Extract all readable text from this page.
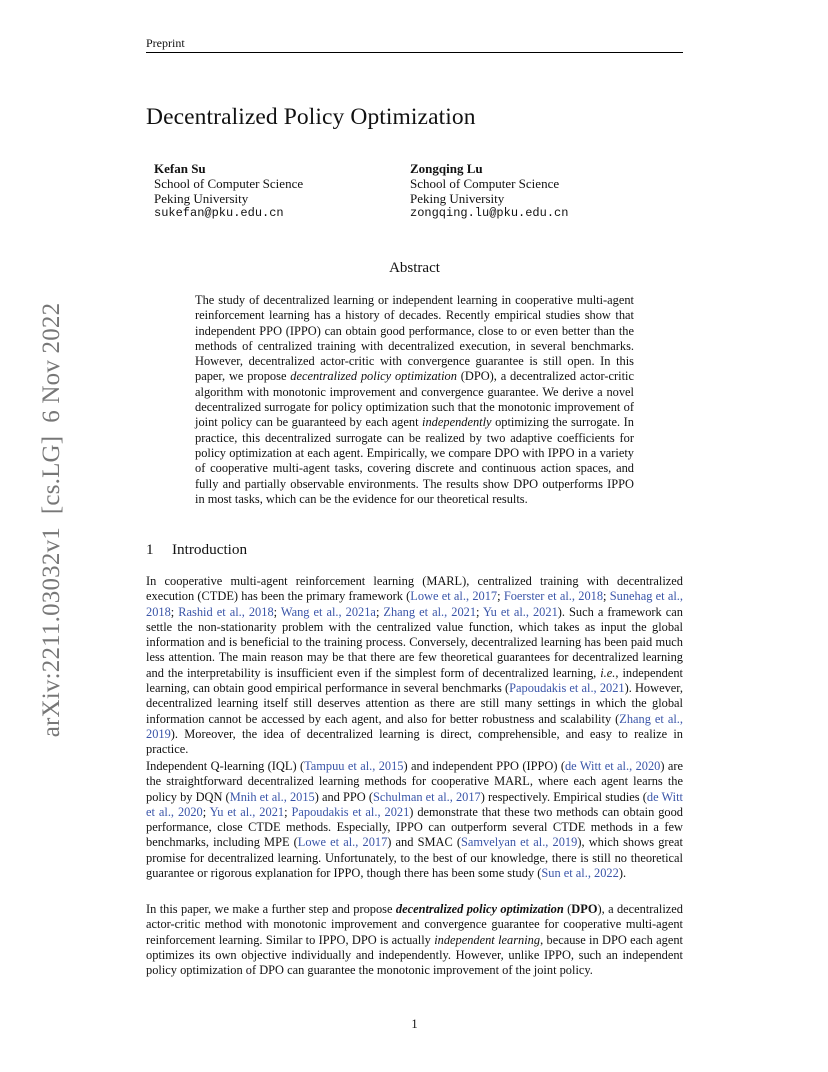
Preprint
Decentralized Policy Optimization
Kefan Su
School of Computer Science
Peking University
sukefan@pku.edu.cn
Zongqing Lu
School of Computer Science
Peking University
zongqing.lu@pku.edu.cn
arXiv:2211.03032v1  [cs.LG]  6 Nov 2022
Abstract
The study of decentralized learning or independent learning in cooperative multi-agent reinforcement learning has a history of decades. Recently empirical studies show that independent PPO (IPPO) can obtain good performance, close to or even better than the methods of centralized training with decentralized execution, in several benchmarks. However, decentralized actor-critic with convergence guarantee is still open. In this paper, we propose decentralized policy optimization (DPO), a decentralized actor-critic algorithm with monotonic improvement and convergence guarantee. We derive a novel decentralized surrogate for policy optimization such that the monotonic improvement of joint policy can be guaranteed by each agent independently optimizing the surrogate. In practice, this decentralized surrogate can be realized by two adaptive coefficients for policy optimization at each agent. Empirically, we compare DPO with IPPO in a variety of cooperative multi-agent tasks, covering discrete and continuous action spaces, and fully and partially observable environments. The results show DPO outperforms IPPO in most tasks, which can be the evidence for our theoretical results.
1 Introduction

In cooperative multi-agent reinforcement learning (MARL), centralized training with decentralized execution (CTDE) has been the primary framework (Lowe et al., 2017; Foerster et al., 2018; Sunehag et al., 2018; Rashid et al., 2018; Wang et al., 2021a; Zhang et al., 2021; Yu et al., 2021). Such a framework can settle the non-stationarity problem with the centralized value function, which takes as input the global information and is beneficial to the training process. Conversely, decentralized learning has been paid much less attention. The main reason may be that there are few theoretical guarantees for decentralized learning and the interpretability is insufficient even if the simplest form of decentralized learning, i.e., independent learning, can obtain good empirical performance in several benchmarks (Papoudakis et al., 2021). However, decentralized learning itself still deserves attention as there are still many settings in which the global information cannot be accessed by each agent, and also for better robustness and scalability (Zhang et al., 2019). Moreover, the idea of decentralized learning is direct, comprehensible, and easy to realize in practice.

Independent Q-learning (IQL) (Tampuu et al., 2015) and independent PPO (IPPO) (de Witt et al., 2020) are the straightforward decentralized learning methods for cooperative MARL, where each agent learns the policy by DQN (Mnih et al., 2015) and PPO (Schulman et al., 2017) respectively. Empirical studies (de Witt et al., 2020; Yu et al., 2021; Papoudakis et al., 2021) demonstrate that these two methods can obtain good performance, close CTDE methods. Especially, IPPO can outperform several CTDE methods in a few benchmarks, including MPE (Lowe et al., 2017) and SMAC (Samvelyan et al., 2019), which shows great promise for decentralized learning. Unfortunately, to the best of our knowledge, there is still no theoretical guarantee or rigorous explanation for IPPO, though there has been some study (Sun et al., 2022).

In this paper, we make a further step and propose decentralized policy optimization (DPO), a decentralized actor-critic method with monotonic improvement and convergence guarantee for cooperative multi-agent reinforcement learning. Similar to IPPO, DPO is actually independent learning, because in DPO each agent optimizes its own objective individually and independently. However, unlike IPPO, such an independent policy optimization of DPO can guarantee the monotonic improvement of the joint policy.

1
